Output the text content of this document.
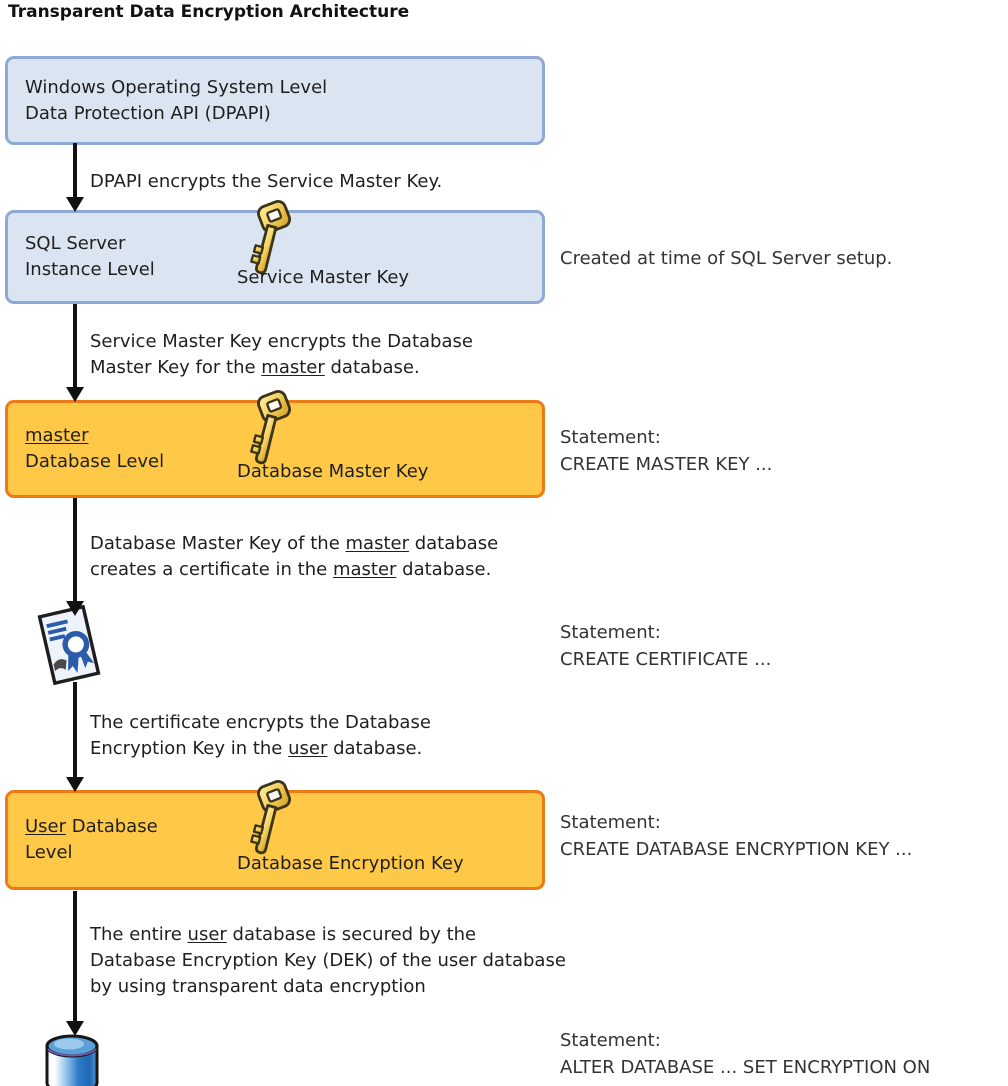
Transparent Data Encryption Architecture
Windows Operating System Level
Data Protection API (DPAPI)
SQL Server
Instance Level	Service Master Key
master
Database Level	Database Master Key
User Database
Level
Database Encryption Key
DPAPI encrypts the Service Master Key.
Service Master Key encrypts the Database
Master Key for the master database.
Database Master Key of the master database
creates a certificate in the master database.
The certificate encrypts the Database
Encryption Key in the user database.
The entire user database is secured by the
Database Encryption Key (DEK) of the user database
by using transparent data encryption
Created at time of SQL Server setup.
Statement:
CREATE MASTER KEY ...
Statement:
CREATE CERTIFICATE ...
Statement:
CREATE DATABASE ENCRYPTION KEY ...
Statement:
ALTER DATABASE ... SET ENCRYPTION ON
